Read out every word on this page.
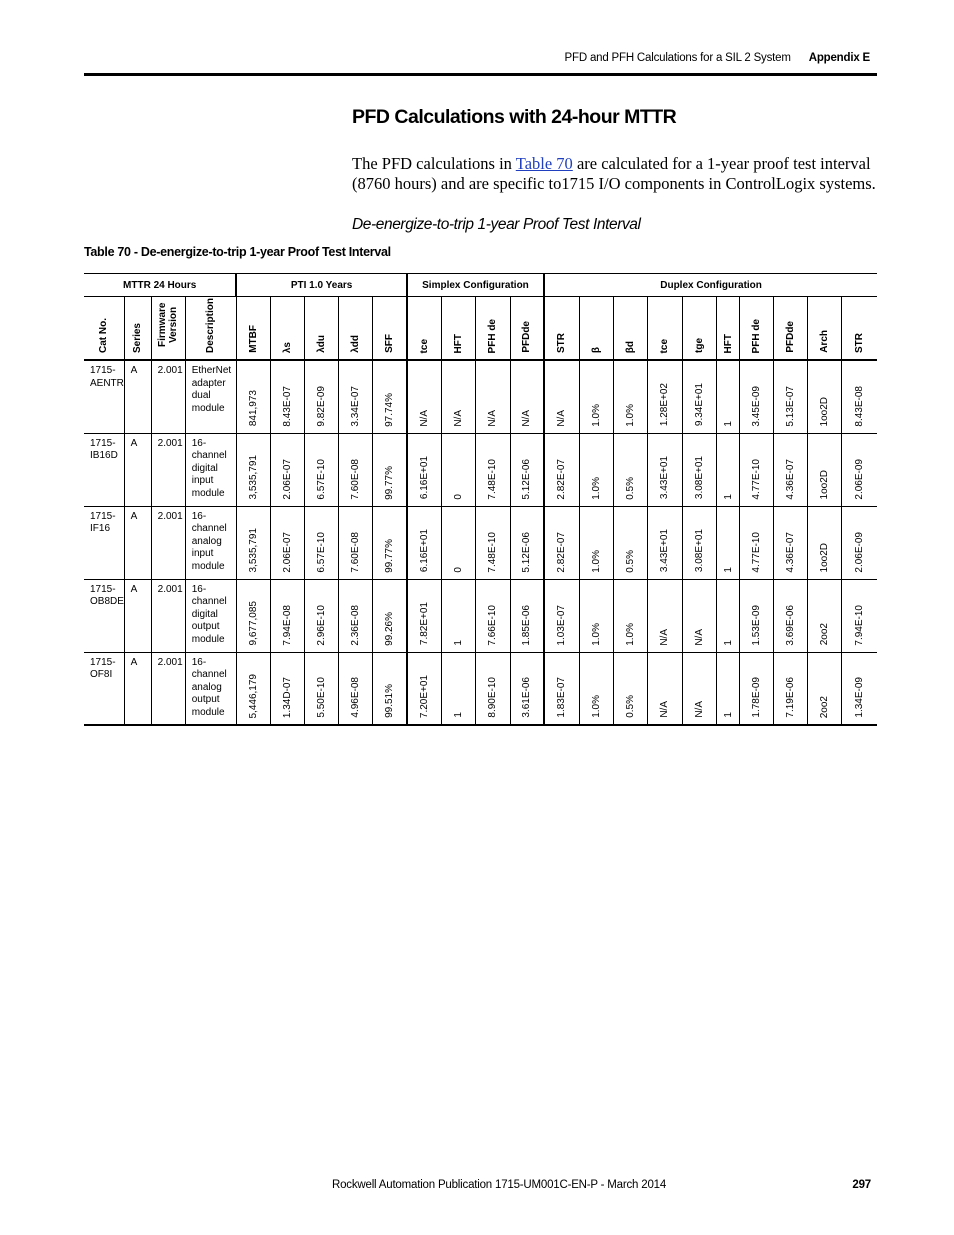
PFD and PFH Calculations for a SIL 2 System Appendix E
PFD Calculations with 24-hour MTTR
The PFD calculations in Table 70 are calculated for a 1-year proof test interval (8760 hours) and are specific to1715 I/O components in ControlLogix systems.
De-energize-to-trip 1-year Proof Test Interval
Table 70 - De-energize-to-trip 1-year Proof Test Interval
MTTR 24 Hours				PTI 1.0 Years					Simplex Configuration				Duplex Configuration									

Cat No.	Series	Firmware Version	Description	MTBF	λs	λdu	λdd	SFF	tce	HFT	PFH de	PFDde	STR	β	βd	tce	tge	HFT	PFH de	PFDde	Arch	STR

1715-AENTR	A	2.001	EtherNet adapter dual module	841,973	8.43E-07	9.82E-09	3.34E-07	97.74%	N/A	N/A	N/A	N/A	N/A	1.0%	1.0%	1.28E+02	9.34E+01	1	3.45E-09	5.13E-07	1oo2D	8.43E-08

1715-IB16D	A	2.001	16-channel digital input module	3,535,791	2.06E-07	6.57E-10	7.60E-08	99.77%	6.16E+01	0	7.48E-10	5.12E-06	2.82E-07	1.0%	0.5%	3.43E+01	3.08E+01	1	4.77E-10	4.36E-07	1oo2D	2.06E-09

1715-IF16	A	2.001	16-channel analog input module	3,535,791	2.06E-07	6.57E-10	7.60E-08	99.77%	6.16E+01	0	7.48E-10	5.12E-06	2.82E-07	1.0%	0.5%	3.43E+01	3.08E+01	1	4.77E-10	4.36E-07	1oo2D	2.06E-09

1715-OB8DE	A	2.001	16-channel digital output module	9,677,085	7.94E-08	2.96E-10	2.36E-08	99.26%	7.82E+01	1	7.66E-10	1.85E-06	1.03E-07	1.0%	1.0%	N/A	N/A	1	1.53E-09	3.69E-06	2oo2	7.94E-10

1715-OF8I	A	2.001	16-channel analog output module	5,446,179	1.34D-07	5.50E-10	4.96E-08	99.51%	7.20E+01	1	8.90E-10	3.61E-06	1.83E-07	1.0%	0.5%	N/A	N/A	1	1.78E-09	7.19E-06	2oo2	1.34E-09
Rockwell Automation Publication 1715-UM001C-EN-P - March 2014	297
